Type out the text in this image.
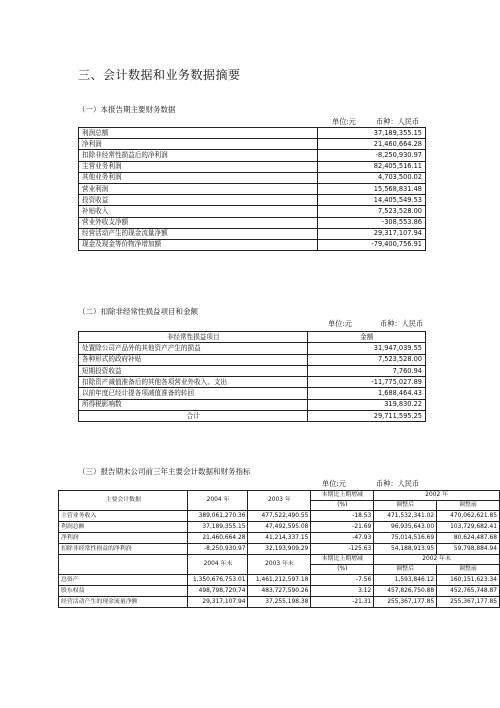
三、会计数据和业务数据摘要
（一）本报告期主要财务数据
单位:元	币种：人民币
利润总额	37,189,355.15
净利润	21,460,664.28
扣除非经常性损益后的净利润	-8,250,930.97
主营业务利润	82,405,516.11
其他业务利润	4,703,500.02
营业利润	15,568,831.48
投资收益	14,405,549.53
补贴收入	7,523,528.00
营业外收支净额	-308,553.86
经营活动产生的现金流量净额	29,317,107.94
现金及现金等价物净增加额	-79,400,756.91
（二）扣除非经常性损益项目和金额
单位:元	币种：人民币
非经常性损益项目	金额
处置除公司产品外的其他资产产生的损益	31,947,039.55
各种形式的政府补贴	7,523,528.00
短期投资收益	7,760.94
扣除资产减值准备后的其他各项营业外收入、支出	-11,775,027.89
以前年度已经计提各项减值准备的转回	1,688,464.43
所得税影响数	319,830.22
合计	29,711,595.25
（三）报告期末公司前三年主要会计数据和财务指标
单位:元	币种：人民币
主要会计数据	2004 年	2003 年	本期比上期增减	2002 年	
			(%)	调整后	调整前
主营业务收入	389,061,270.36	477,522,490.55	-18.53	471,532,341.02	470,062,621.85
利润总额	37,189,355.15	47,492,595.08	-21.69	96,935,643.00	103,729,682.41
净利润	21,460,664.28	41,214,337.15	-47.93	75,014,516.69	80,624,487.68
扣除非经常性损益的净利润	-8,250,930.97	32,193,909.29	-125.63	54,188,913.95	59,798,884.94
	2004 年末	2003 年末	本期比上期增减	2002 年末	
			(%)	调整后	调整前
总资产	1,350,676,753.01	1,461,212,597.18	-7.56	1,593,846.12	160,151,623.34
股东权益	498,798,720.74	483,727,590.26	3.12	457,826,750.88	452,765,748.87
经营活动产生的现金流量净额	29,317,107.94	37,255,198.38	-21.31	255,367,177.85	255,367,177.85
